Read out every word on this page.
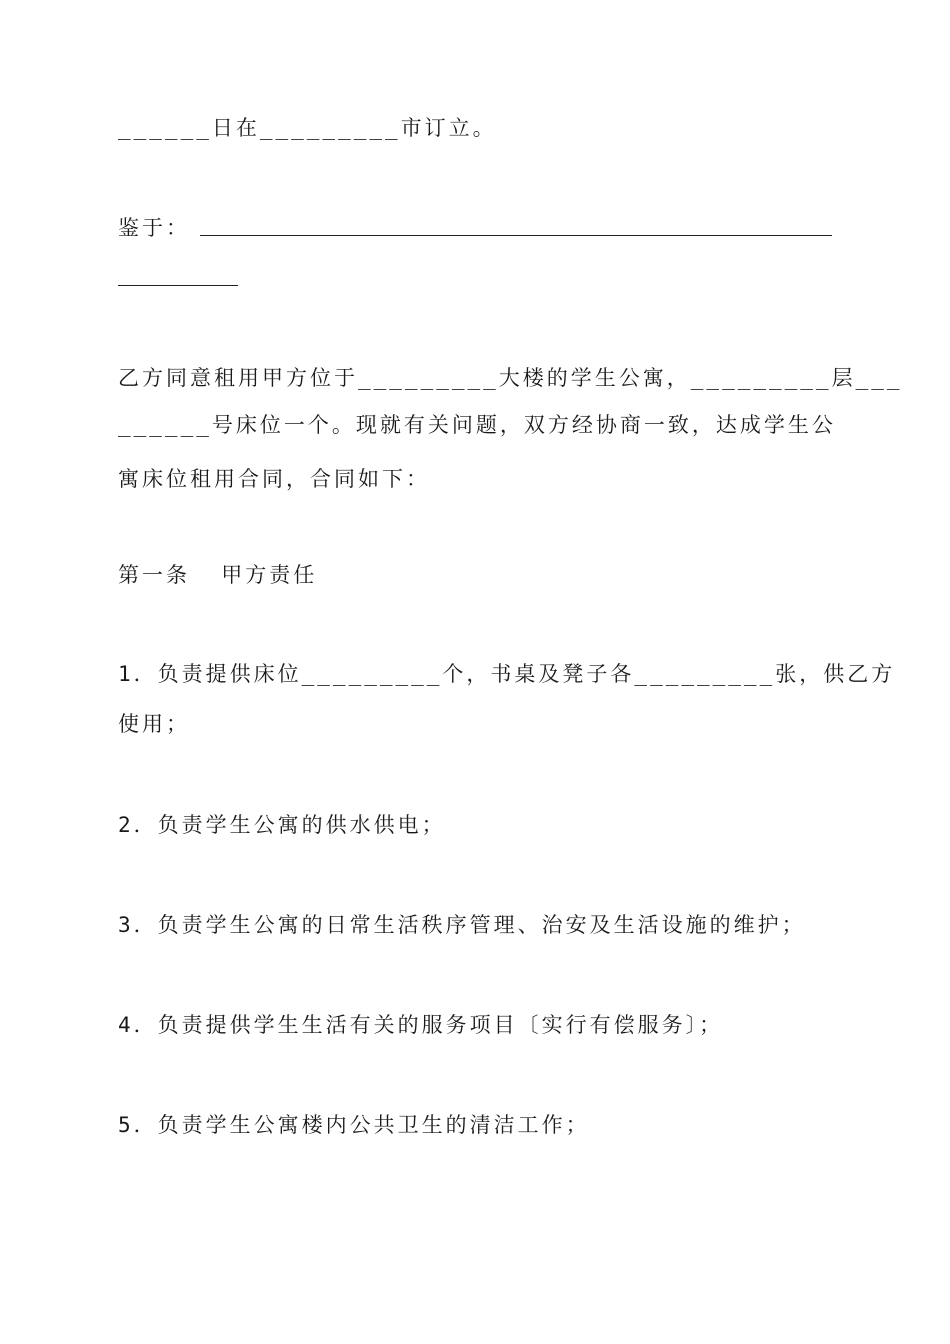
______日在_________市订立。
鉴于：
乙方同意租用甲方位于_________大楼的学生公寓，_________层___
______号床位一个。现就有关问题，双方经协商一致，达成学生公
寓床位租用合同，合同如下：
第一条  甲方责任
1．负责提供床位_________个，书桌及凳子各_________张，供乙方
使用；
2．负责学生公寓的供水供电；
3．负责学生公寓的日常生活秩序管理、治安及生活设施的维护；
4．负责提供学生生活有关的服务项目〔实行有偿服务〕；
5．负责学生公寓楼内公共卫生的清洁工作；
